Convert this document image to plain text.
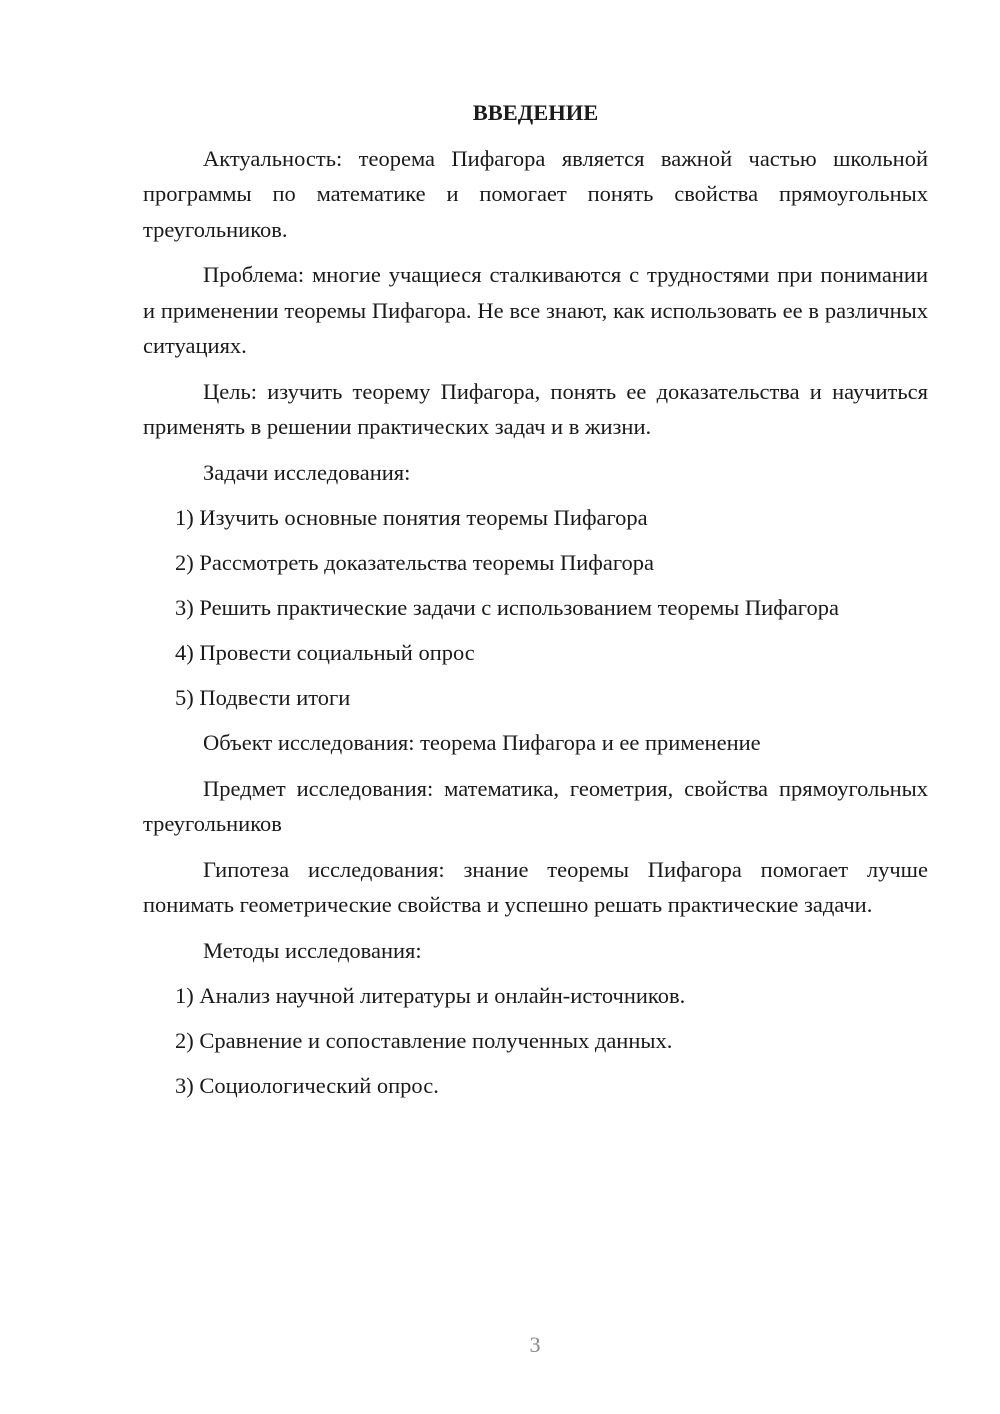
ВВЕДЕНИЕ

Актуальность: теорема Пифагора является важной частью школьной программы по математике и помогает понять свойства прямоугольных треугольников.

Проблема: многие учащиеся сталкиваются с трудностями при понимании и применении теоремы Пифагора. Не все знают, как использовать ее в различных ситуациях.

Цель: изучить теорему Пифагора, понять ее доказательства и научиться применять в решении практических задач и в жизни.

Задачи исследования:

1) Изучить основные понятия теоремы Пифагора
2) Рассмотреть доказательства теоремы Пифагора
3) Решить практические задачи с использованием теоремы Пифагора
4) Провести социальный опрос
5) Подвести итоги

Объект исследования: теорема Пифагора и ее применение

Предмет исследования: математика, геометрия, свойства прямоугольных треугольников

Гипотеза исследования: знание теоремы Пифагора помогает лучше понимать геометрические свойства и успешно решать практические задачи.

Методы исследования:

1) Анализ научной литературы и онлайн-источников.
2) Сравнение и сопоставление полученных данных.
3) Социологический опрос.
3
